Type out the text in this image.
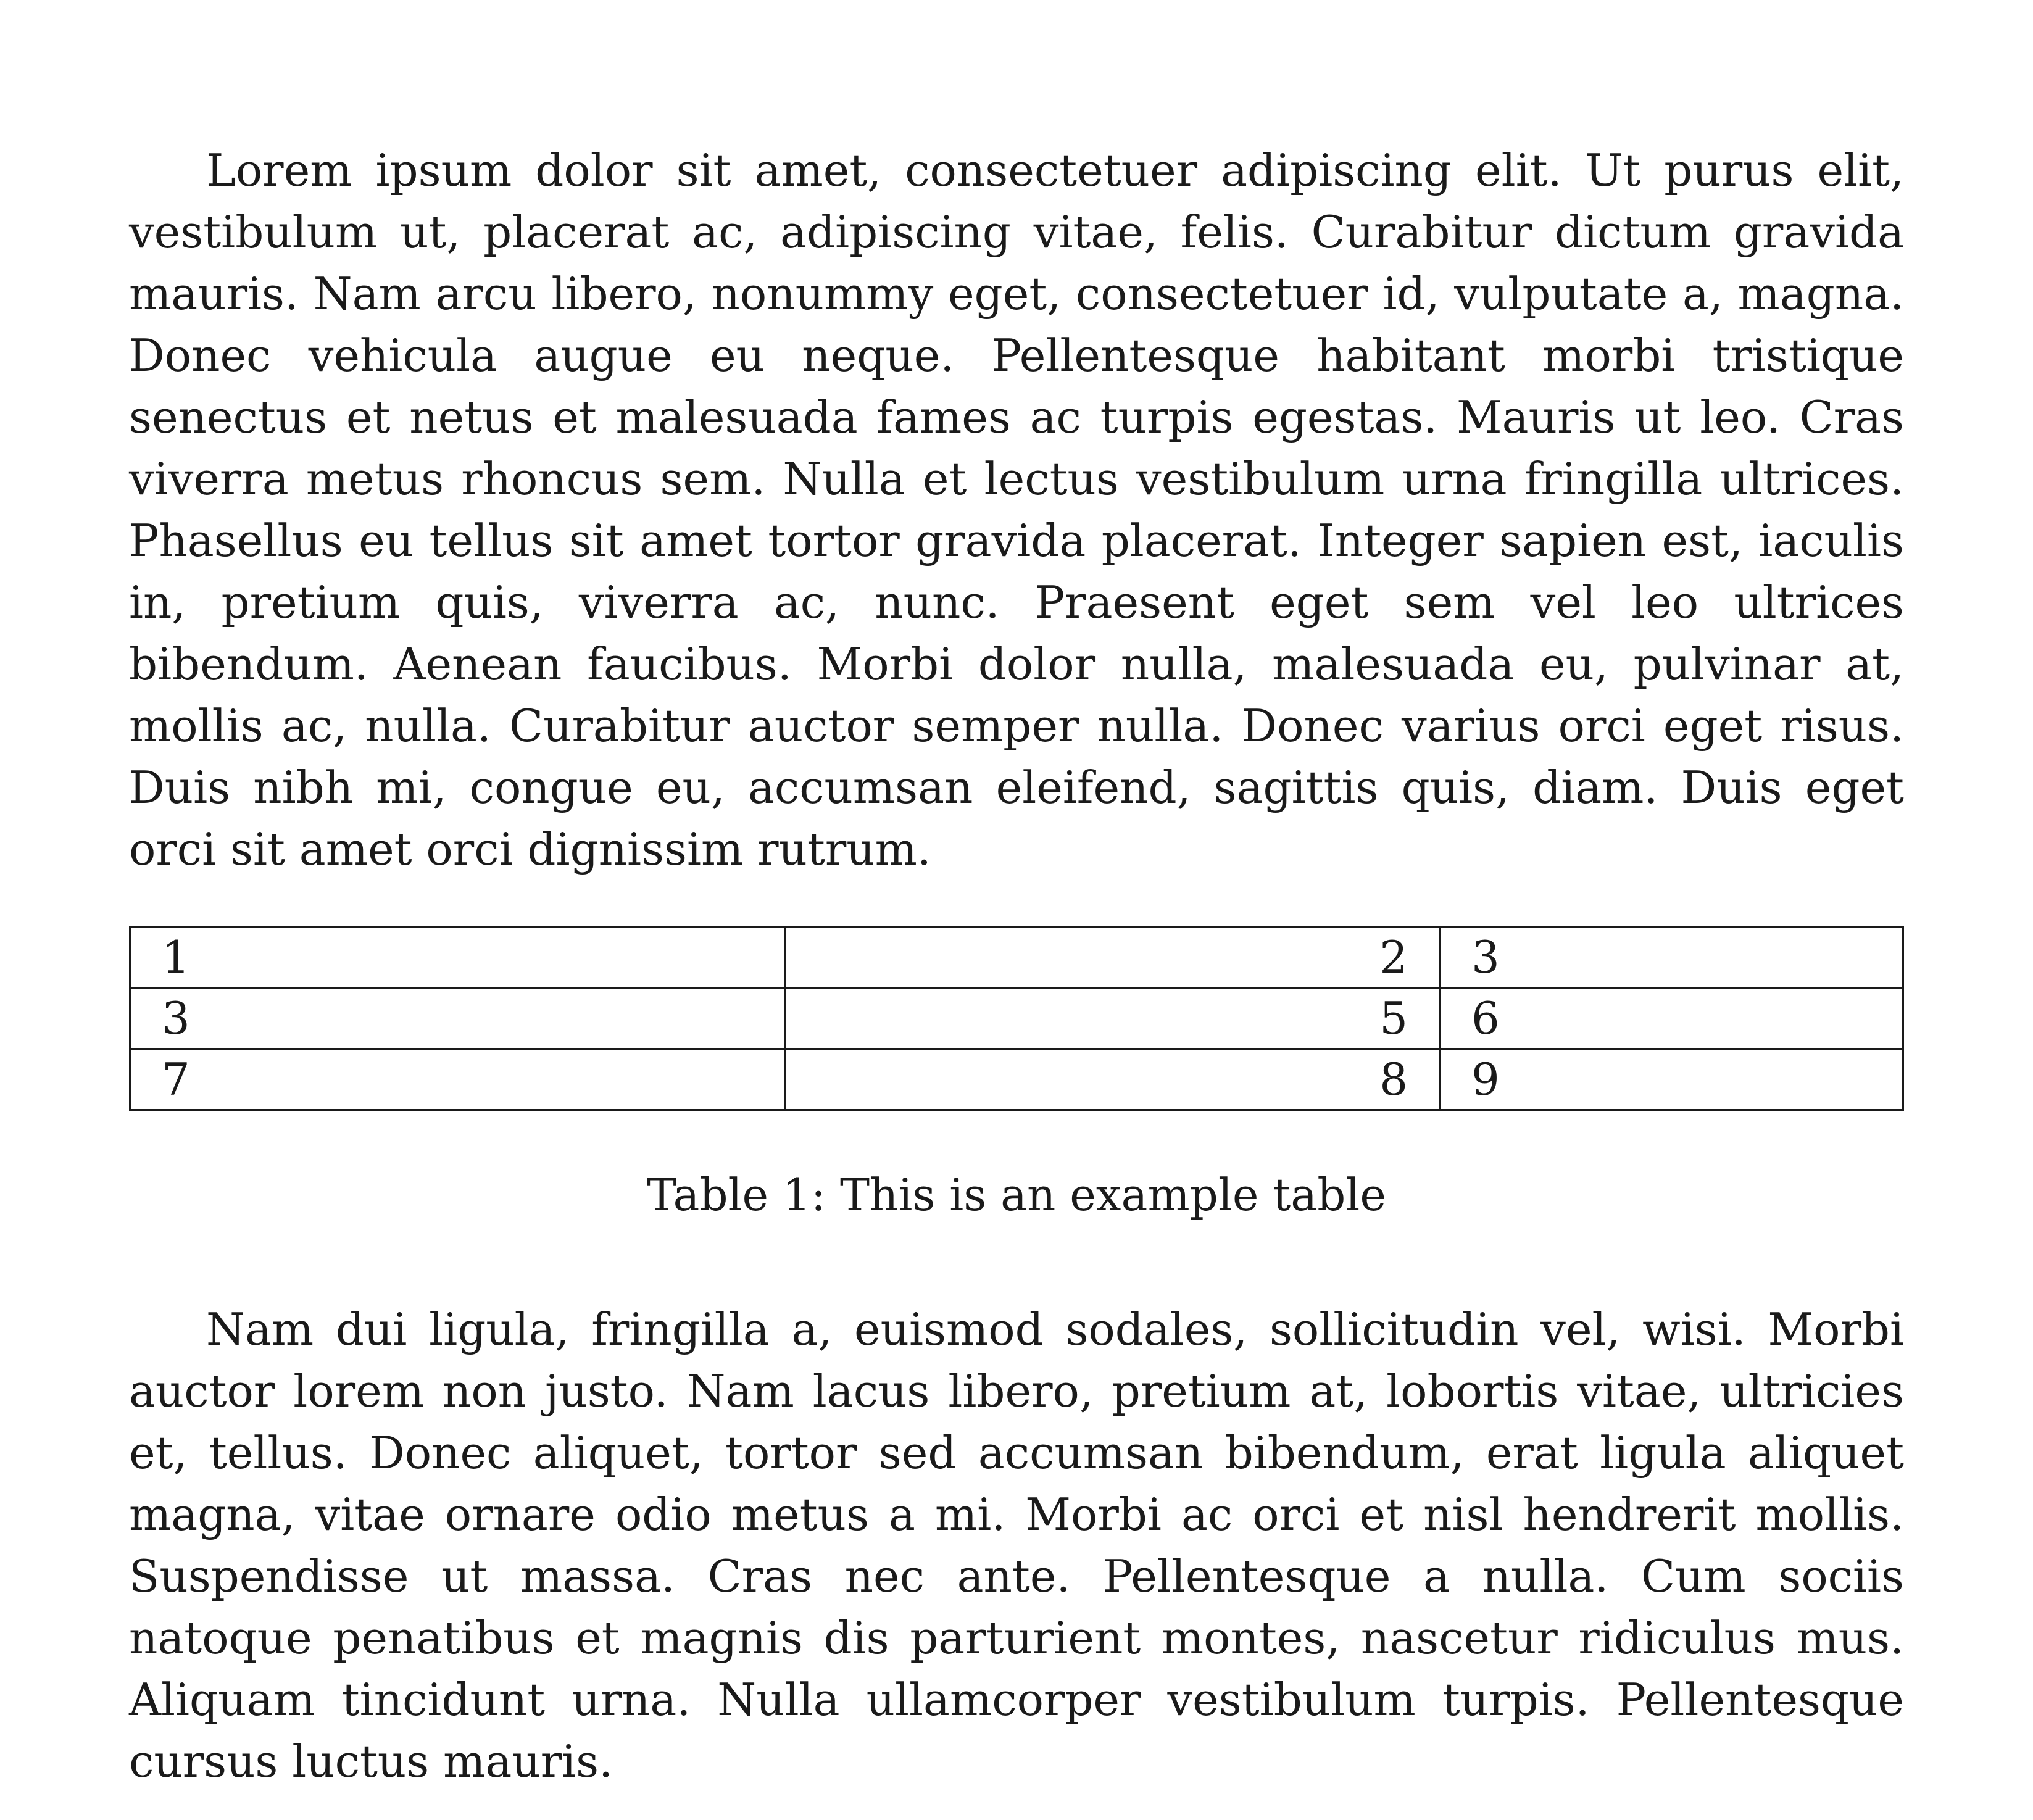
Lorem ipsum dolor sit amet, consectetuer adipiscing elit. Ut purus elit, vestibulum ut, placerat ac, adipiscing vitae, felis. Curabitur dictum gravida mauris. Nam arcu libero, nonummy eget, consectetuer id, vulputate a, magna. Donec vehicula augue eu neque. Pellentesque habitant morbi tristique senectus et netus et malesuada fames ac turpis egestas. Mauris ut leo. Cras viverra metus rhoncus sem. Nulla et lectus vestibulum urna fringilla ultrices. Phasellus eu tellus sit amet tortor gravida placerat. Integer sapien est, iaculis in, pretium quis, viverra ac, nunc. Praesent eget sem vel leo ultrices bibendum. Aenean faucibus. Morbi dolor nulla, malesuada eu, pulvinar at, mollis ac, nulla. Curabitur auctor semper nulla. Donec varius orci eget risus. Duis nibh mi, congue eu, accumsan eleifend, sagittis quis, diam. Duis eget orci sit amet orci dignissim rutrum.

1	2	3
3	5	6
7	8	9
Table 1: This is an example table

Nam dui ligula, fringilla a, euismod sodales, sollicitudin vel, wisi. Morbi auctor lorem non justo. Nam lacus libero, pretium at, lobortis vitae, ultricies et, tellus. Donec aliquet, tortor sed accumsan bibendum, erat ligula aliquet magna, vitae ornare odio metus a mi. Morbi ac orci et nisl hendrerit mollis. Suspendisse ut massa. Cras nec ante. Pellentesque a nulla. Cum sociis natoque penatibus et magnis dis parturient montes, nascetur ridiculus mus. Aliquam tincidunt urna. Nulla ullamcorper vestibulum turpis. Pellentesque cursus luctus mauris.
